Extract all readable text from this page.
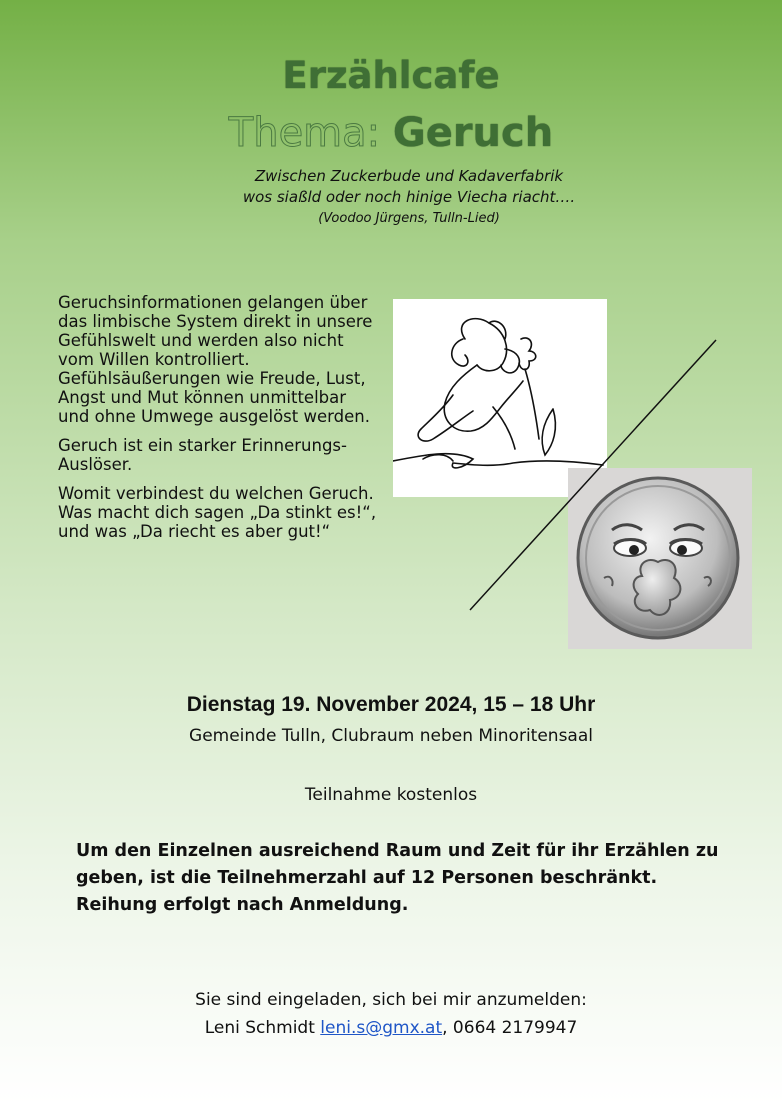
Erzählcafe
Thema: Geruch
Zwischen Zuckerbude und Kadaverfabrik
wos siaßld oder noch hinige Viecha riacht….
(Voodoo Jürgens, Tulln-Lied)

Geruchsinformationen gelangen über das limbische System direkt in unsere Gefühlswelt und werden also nicht vom Willen kontrolliert. Gefühlsäußerungen wie Freude, Lust, Angst und Mut können unmittelbar und ohne Umwege ausgelöst werden.

Geruch ist ein starker Erinnerungs-Auslöser.

Womit verbindest du welchen Geruch. Was macht dich sagen „Da stinkt es!“, und was „Da riecht es aber gut!“

Dienstag 19. November 2024, 15 – 18 Uhr
Gemeinde Tulln, Clubraum neben Minoritensaal
Teilnahme kostenlos
Um den Einzelnen ausreichend Raum und Zeit für ihr Erzählen zu geben, ist die Teilnehmerzahl auf 12 Personen beschränkt. Reihung erfolgt nach Anmeldung.
Sie sind eingeladen, sich bei mir anzumelden:
Leni Schmidt leni.s@gmx.at, 0664 2179947
